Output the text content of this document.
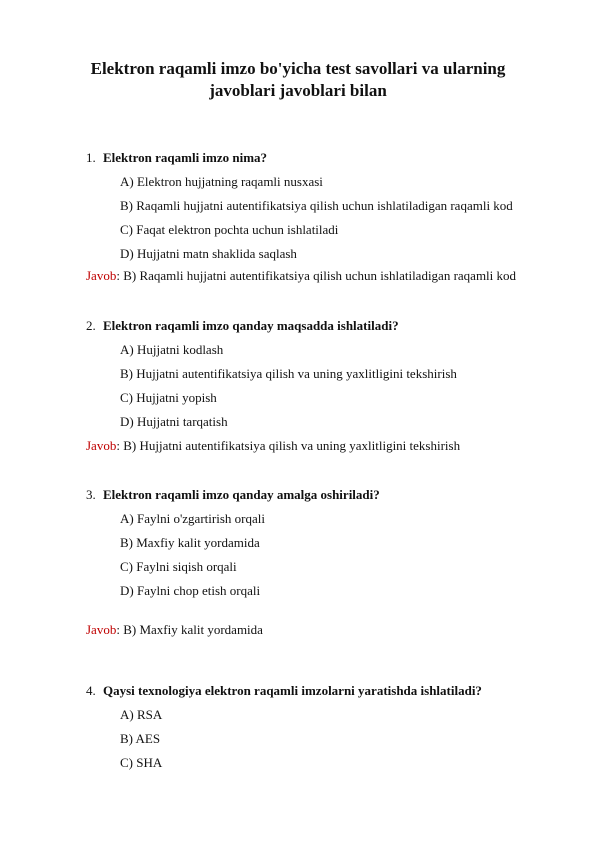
Elektron raqamli imzo bo'yicha test savollari va ularning javoblari javoblari bilan
1. Elektron raqamli imzo nima?
A) Elektron hujjatning raqamli nusxasi
B) Raqamli hujjatni autentifikatsiya qilish uchun ishlatiladigan raqamli kod
C) Faqat elektron pochta uchun ishlatiladi
D) Hujjatni matn shaklida saqlash
Javob: B) Raqamli hujjatni autentifikatsiya qilish uchun ishlatiladigan raqamli kod
2. Elektron raqamli imzo qanday maqsadda ishlatiladi?
A) Hujjatni kodlash
B) Hujjatni autentifikatsiya qilish va uning yaxlitligini tekshirish
C) Hujjatni yopish
D) Hujjatni tarqatish
Javob: B) Hujjatni autentifikatsiya qilish va uning yaxlitligini tekshirish
3. Elektron raqamli imzo qanday amalga oshiriladi?
A) Faylni o'zgartirish orqali
B) Maxfiy kalit yordamida
C) Faylni siqish orqali
D) Faylni chop etish orqali
Javob: B) Maxfiy kalit yordamida
4. Qaysi texnologiya elektron raqamli imzolarni yaratishda ishlatiladi?
A) RSA
B) AES
C) SHA
